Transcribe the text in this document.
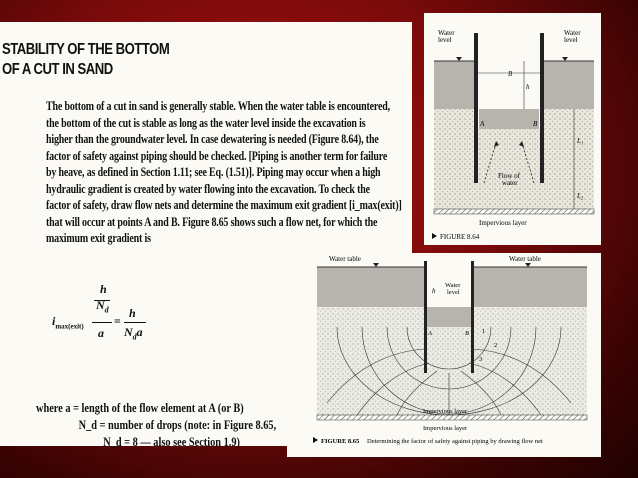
STABILITY OF THE BOTTOM
OF A CUT IN SAND
The bottom of a cut in sand is generally stable. When the water table is encountered,
the bottom of the cut is stable as long as the water level inside the excavation is
higher than the groundwater level. In case dewatering is needed (Figure 8.64), the
factor of safety against piping should be checked. [Piping is another term for failure
by heave, as defined in Section 1.11; see Eq. (1.51)]. Piping may occur when a high
hydraulic gradient is created by water flowing into the excavation. To check the
factor of safety, draw flow nets and determine the maximum exit gradient [i_max(exit)]
that will occur at points A and B. Figure 8.65 shows such a flow net, for which the
maximum exit gradient is
h
$N_d$
$i_{max(exit)}$	=
a
h
$N_da$
where a = length of the flow element at A (or B)
N_d = number of drops (note: in Figure 8.65,
N_d = 8 — also see Section 1.9)
Water level
Water level
B
h
A	B
L₁
L₂
Flow of water
Impervious layer
FIGURE 8.64
Water table	Water table
Water level
h
A	B 1
2
3
Impervious layer
Impervious layer
FIGURE 8.65 Determining the factor of safety against piping by drawing flow net
